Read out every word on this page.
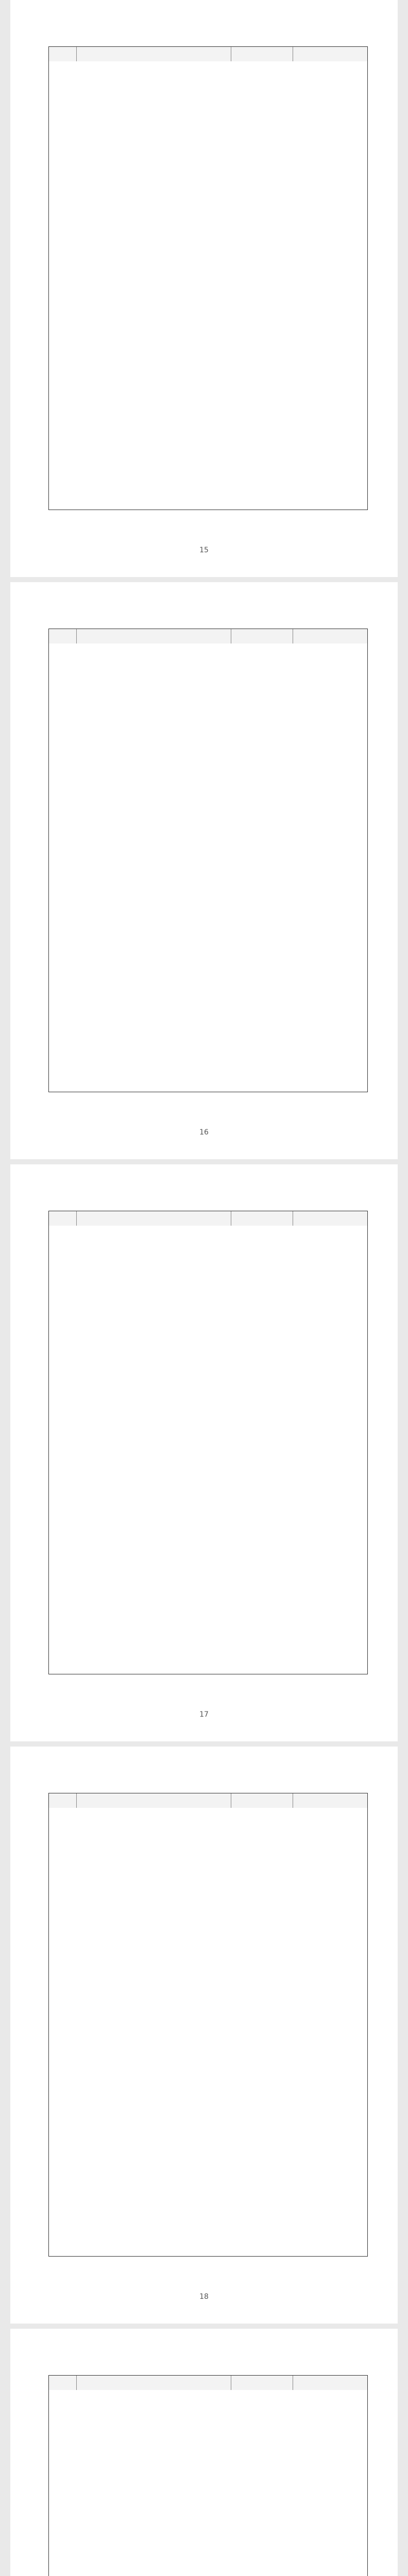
15
16
17
18
